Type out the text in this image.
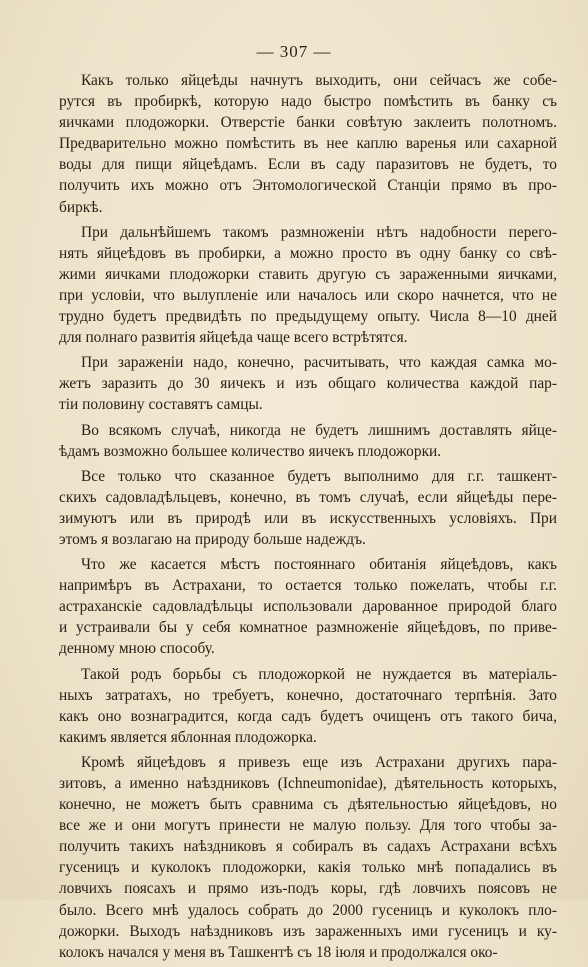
— 307 —
Какъ только яйцеѣды начнутъ выходить, они сейчасъ же собе-
рутся въ пробиркѣ, которую надо быстро помѣстить въ банку съ
яичками плодожорки. Отверстіе банки совѣтую заклеить полотномъ.
Предварительно можно помѣстить въ нее каплю варенья или сахарной
воды для пищи яйцеѣдамъ. Если въ саду паразитовъ не будетъ, то
получить ихъ можно отъ Энтомологической Станціи прямо въ про-
биркѣ.
При дальнѣйшемъ такомъ размноженіи нѣтъ надобности перего-
нять яйцеѣдовъ въ пробирки, а можно просто въ одну банку со свѣ-
жими яичками плодожорки ставить другую съ зараженными яичками,
при условіи, что вылупленіе или началось или скоро начнется, что не
трудно будетъ предвидѣть по предыдущему опыту. Числа 8—10 дней
для полнаго развитія яйцеѣда чаще всего встрѣтятся.
При зараженіи надо, конечно, расчитывать, что каждая самка мо-
жетъ заразить до 30 яичекъ и изъ общаго количества каждой пар-
тіи половину составятъ самцы.
Во всякомъ случаѣ, никогда не будетъ лишнимъ доставлять яйце-
ѣдамъ возможно большее количество яичекъ плодожорки.
Все только что сказанное будетъ выполнимо для г.г. ташкент-
скихъ садовладѣльцевъ, конечно, въ томъ случаѣ, если яйцеѣды пере-
зимуютъ или въ природѣ или въ искусственныхъ условіяхъ. При
этомъ я возлагаю на природу больше надеждъ.
Что же касается мѣстъ постояннаго обитанія яйцеѣдовъ, какъ
напримѣръ въ Астрахани, то остается только пожелать, чтобы г.г.
астраханскіе садовладѣльцы использовали дарованное природой благо
и устраивали бы у себя комнатное размноженіе яйцеѣдовъ, по приве-
денному мною способу.
Такой родъ борьбы съ плодожоркой не нуждается въ матеріаль-
ныхъ затратахъ, но требуетъ, конечно, достаточнаго терпѣнія. Зато
какъ оно вознаградится, когда садъ будетъ очищенъ отъ такого бича,
какимъ является яблонная плодожорка.
Кромѣ яйцеѣдовъ я привезъ еще изъ Астрахани другихъ пара-
зитовъ, а именно наѣздниковъ (Ichneumonidae), дѣятельность которыхъ,
конечно, не можетъ быть сравнима съ дѣятельностью яйцеѣдовъ, но
все же и они могутъ принести не малую пользу. Для того чтобы за-
получить такихъ наѣздниковъ я собиралъ въ садахъ Астрахани всѣхъ
гусеницъ и куколокъ плодожорки, какія только мнѣ попадались въ
ловчихъ поясахъ и прямо изъ-подъ коры, гдѣ ловчихъ поясовъ не
было. Всего мнѣ удалось собрать до 2000 гусеницъ и куколокъ пло-
дожорки. Выходъ наѣздниковъ изъ зараженныхъ ими гусеницъ и ку-
колокъ начался у меня въ Ташкентѣ съ 18 іюля и продолжался око-
